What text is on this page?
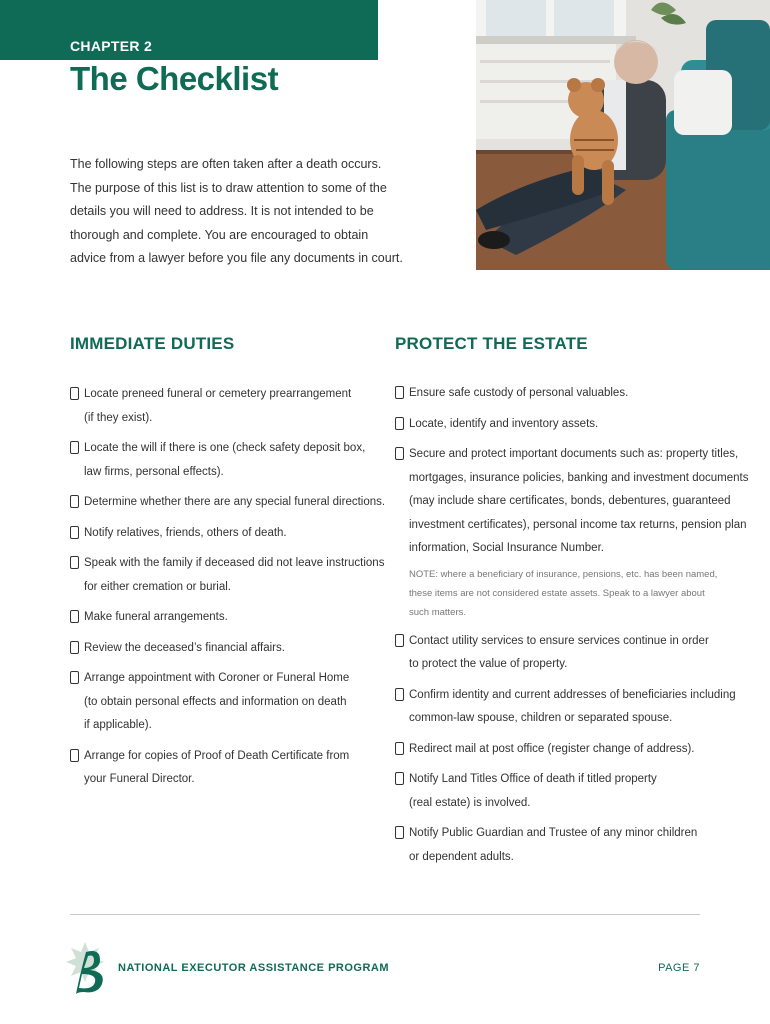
CHAPTER 2
The Checklist
The following steps are often taken after a death occurs.
The purpose of this list is to draw attention to some of the
details you will need to address. It is not intended to be
thorough and complete. You are encouraged to obtain
advice from a lawyer before you file any documents in court.
IMMEDIATE DUTIES	PROTECT THE ESTATE
Locate preneed funeral or cemetery prearrangement
(if they exist).
Locate the will if there is one (check safety deposit box,
law firms, personal effects).
Determine whether there are any special funeral directions.
Notify relatives, friends, others of death.
Speak with the family if deceased did not leave instructions
for either cremation or burial.
Make funeral arrangements.
Review the deceased’s financial affairs.
Arrange appointment with Coroner or Funeral Home
(to obtain personal effects and information on death
if applicable).
Arrange for copies of Proof of Death Certificate from
your Funeral Director.
Ensure safe custody of personal valuables.
Locate, identify and inventory assets.
Secure and protect important documents such as: property titles,
mortgages, insurance policies, banking and investment documents
(may include share certificates, bonds, debentures, guaranteed
investment certificates), personal income tax returns, pension plan
information, Social Insurance Number.
NOTE: where a beneficiary of insurance, pensions, etc. has been named,
these items are not considered estate assets. Speak to a lawyer about
such matters.
Contact utility services to ensure services continue in order
to protect the value of property.
Confirm identity and current addresses of beneficiaries including
common-law spouse, children or separated spouse.
Redirect mail at post office (register change of address).
Notify Land Titles Office of death if titled property
(real estate) is involved.
Notify Public Guardian and Trustee of any minor children
or dependent adults.
NATIONAL EXECUTOR ASSISTANCE PROGRAM	PAGE 7
